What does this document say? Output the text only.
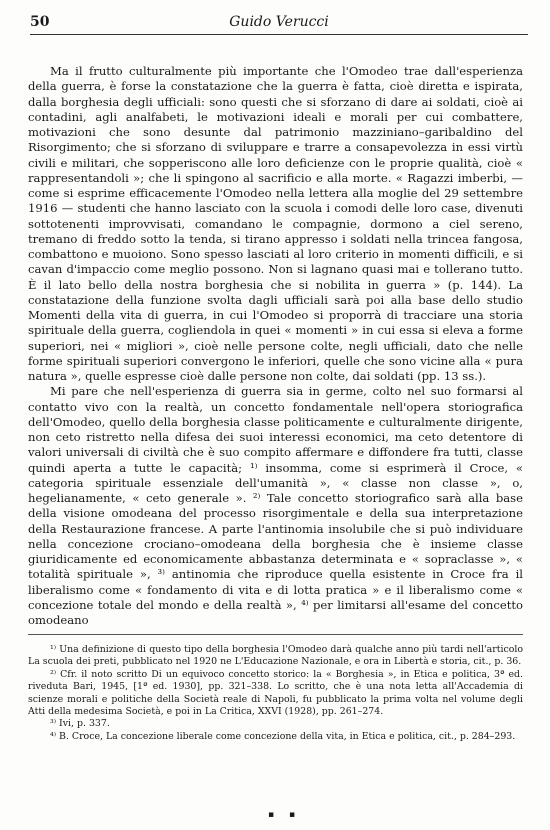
50	Guido Verucci

Ma il frutto culturalmente più importante che l'Omodeo trae dall'esperienza della guerra, è forse la constatazione che la guerra è fatta, cioè diretta e ispirata, dalla borghesia degli ufficiali: sono questi che si sforzano di dare ai soldati, cioè ai contadini, agli analfabeti, le motivazioni ideali e morali per cui combattere, motivazioni che sono desunte dal patrimonio mazziniano–garibaldino del Risorgimento; che si sforzano di sviluppare e trarre a consapevolezza in essi virtù civili e militari, che sopperiscono alle loro deficienze con le proprie qualità, cioè « rappresentandoli »; che li spingono al sacrificio e alla morte. « Ragazzi imberbi, — come si esprime efficacemente l'Omodeo nella lettera alla moglie del 29 settembre 1916 — studenti che hanno lasciato con la scuola i comodi delle loro case, divenuti sottotenenti improvvisati, comandano le compagnie, dormono a ciel sereno, tremano di freddo sotto la tenda, si tirano appresso i soldati nella trincea fangosa, combattono e muoiono. Sono spesso lasciati al loro criterio in momenti difficili, e si cavan d'impaccio come meglio possono. Non si lagnano quasi mai e tollerano tutto. È il lato bello della nostra borghesia che si nobilita in guerra » (p. 144). La constatazione della funzione svolta dagli ufficiali sarà poi alla base dello studio Momenti della vita di guerra, in cui l'Omodeo si proporrà di tracciare una storia spirituale della guerra, cogliendola in quei « momenti » in cui essa si eleva a forme superiori, nei « migliori », cioè nelle persone colte, negli ufficiali, dato che nelle forme spirituali superiori convergono le inferiori, quelle che sono vicine alla « pura natura », quelle espresse cioè dalle persone non colte, dai soldati (pp. 13 ss.).

Mi pare che nell'esperienza di guerra sia in germe, colto nel suo formarsi al contatto vivo con la realtà, un concetto fondamentale nell'opera storiografica dell'Omodeo, quello della borghesia classe politicamente e culturalmente dirigente, non ceto ristretto nella difesa dei suoi interessi economici, ma ceto detentore di valori universali di civiltà che è suo compito affermare e diffondere fra tutti, classe quindi aperta a tutte le capacità; ¹⁾ insomma, come si esprimerà il Croce, « categoria spirituale essenziale dell'umanità », « classe non classe », o, hegelianamente, « ceto generale ». ²⁾ Tale concetto storiografico sarà alla base della visione omodeana del processo risorgimentale e della sua interpretazione della Restaurazione francese. A parte l'antinomia insolubile che si può individuare nella concezione crociano–omodeana della borghesia che è insieme classe giuridicamente ed economicamente abbastanza determinata e « sopraclasse », « totalità spirituale », ³⁾ antinomia che riproduce quella esistente in Croce fra il liberalismo come « fondamento di vita e di lotta pratica » e il liberalismo come « concezione totale del mondo e della realtà », ⁴⁾ per limitarsi all'esame del concetto omodeano

¹⁾ Una definizione di questo tipo della borghesia l'Omodeo darà qualche anno più tardi nell'articolo La scuola dei preti, pubblicato nel 1920 ne L'Educazione Nazionale, e ora in Libertà e storia, cit., p. 36.

²⁾ Cfr. il noto scritto Di un equivoco concetto storico: la « Borghesia », in Etica e politica, 3ª ed. riveduta Bari, 1945, [1ª ed. 1930], pp. 321–338. Lo scritto, che è una nota letta all'Accademia di scienze morali e politiche della Società reale di Napoli, fu pubblicato la prima volta nel volume degli Atti della medesima Società, e poi in La Critica, XXVI (1928), pp. 261–274.

³⁾ Ivi, p. 337.

⁴⁾ B. Croce, La concezione liberale come concezione della vita, in Etica e politica, cit., p. 284–293.

▪ ▪
